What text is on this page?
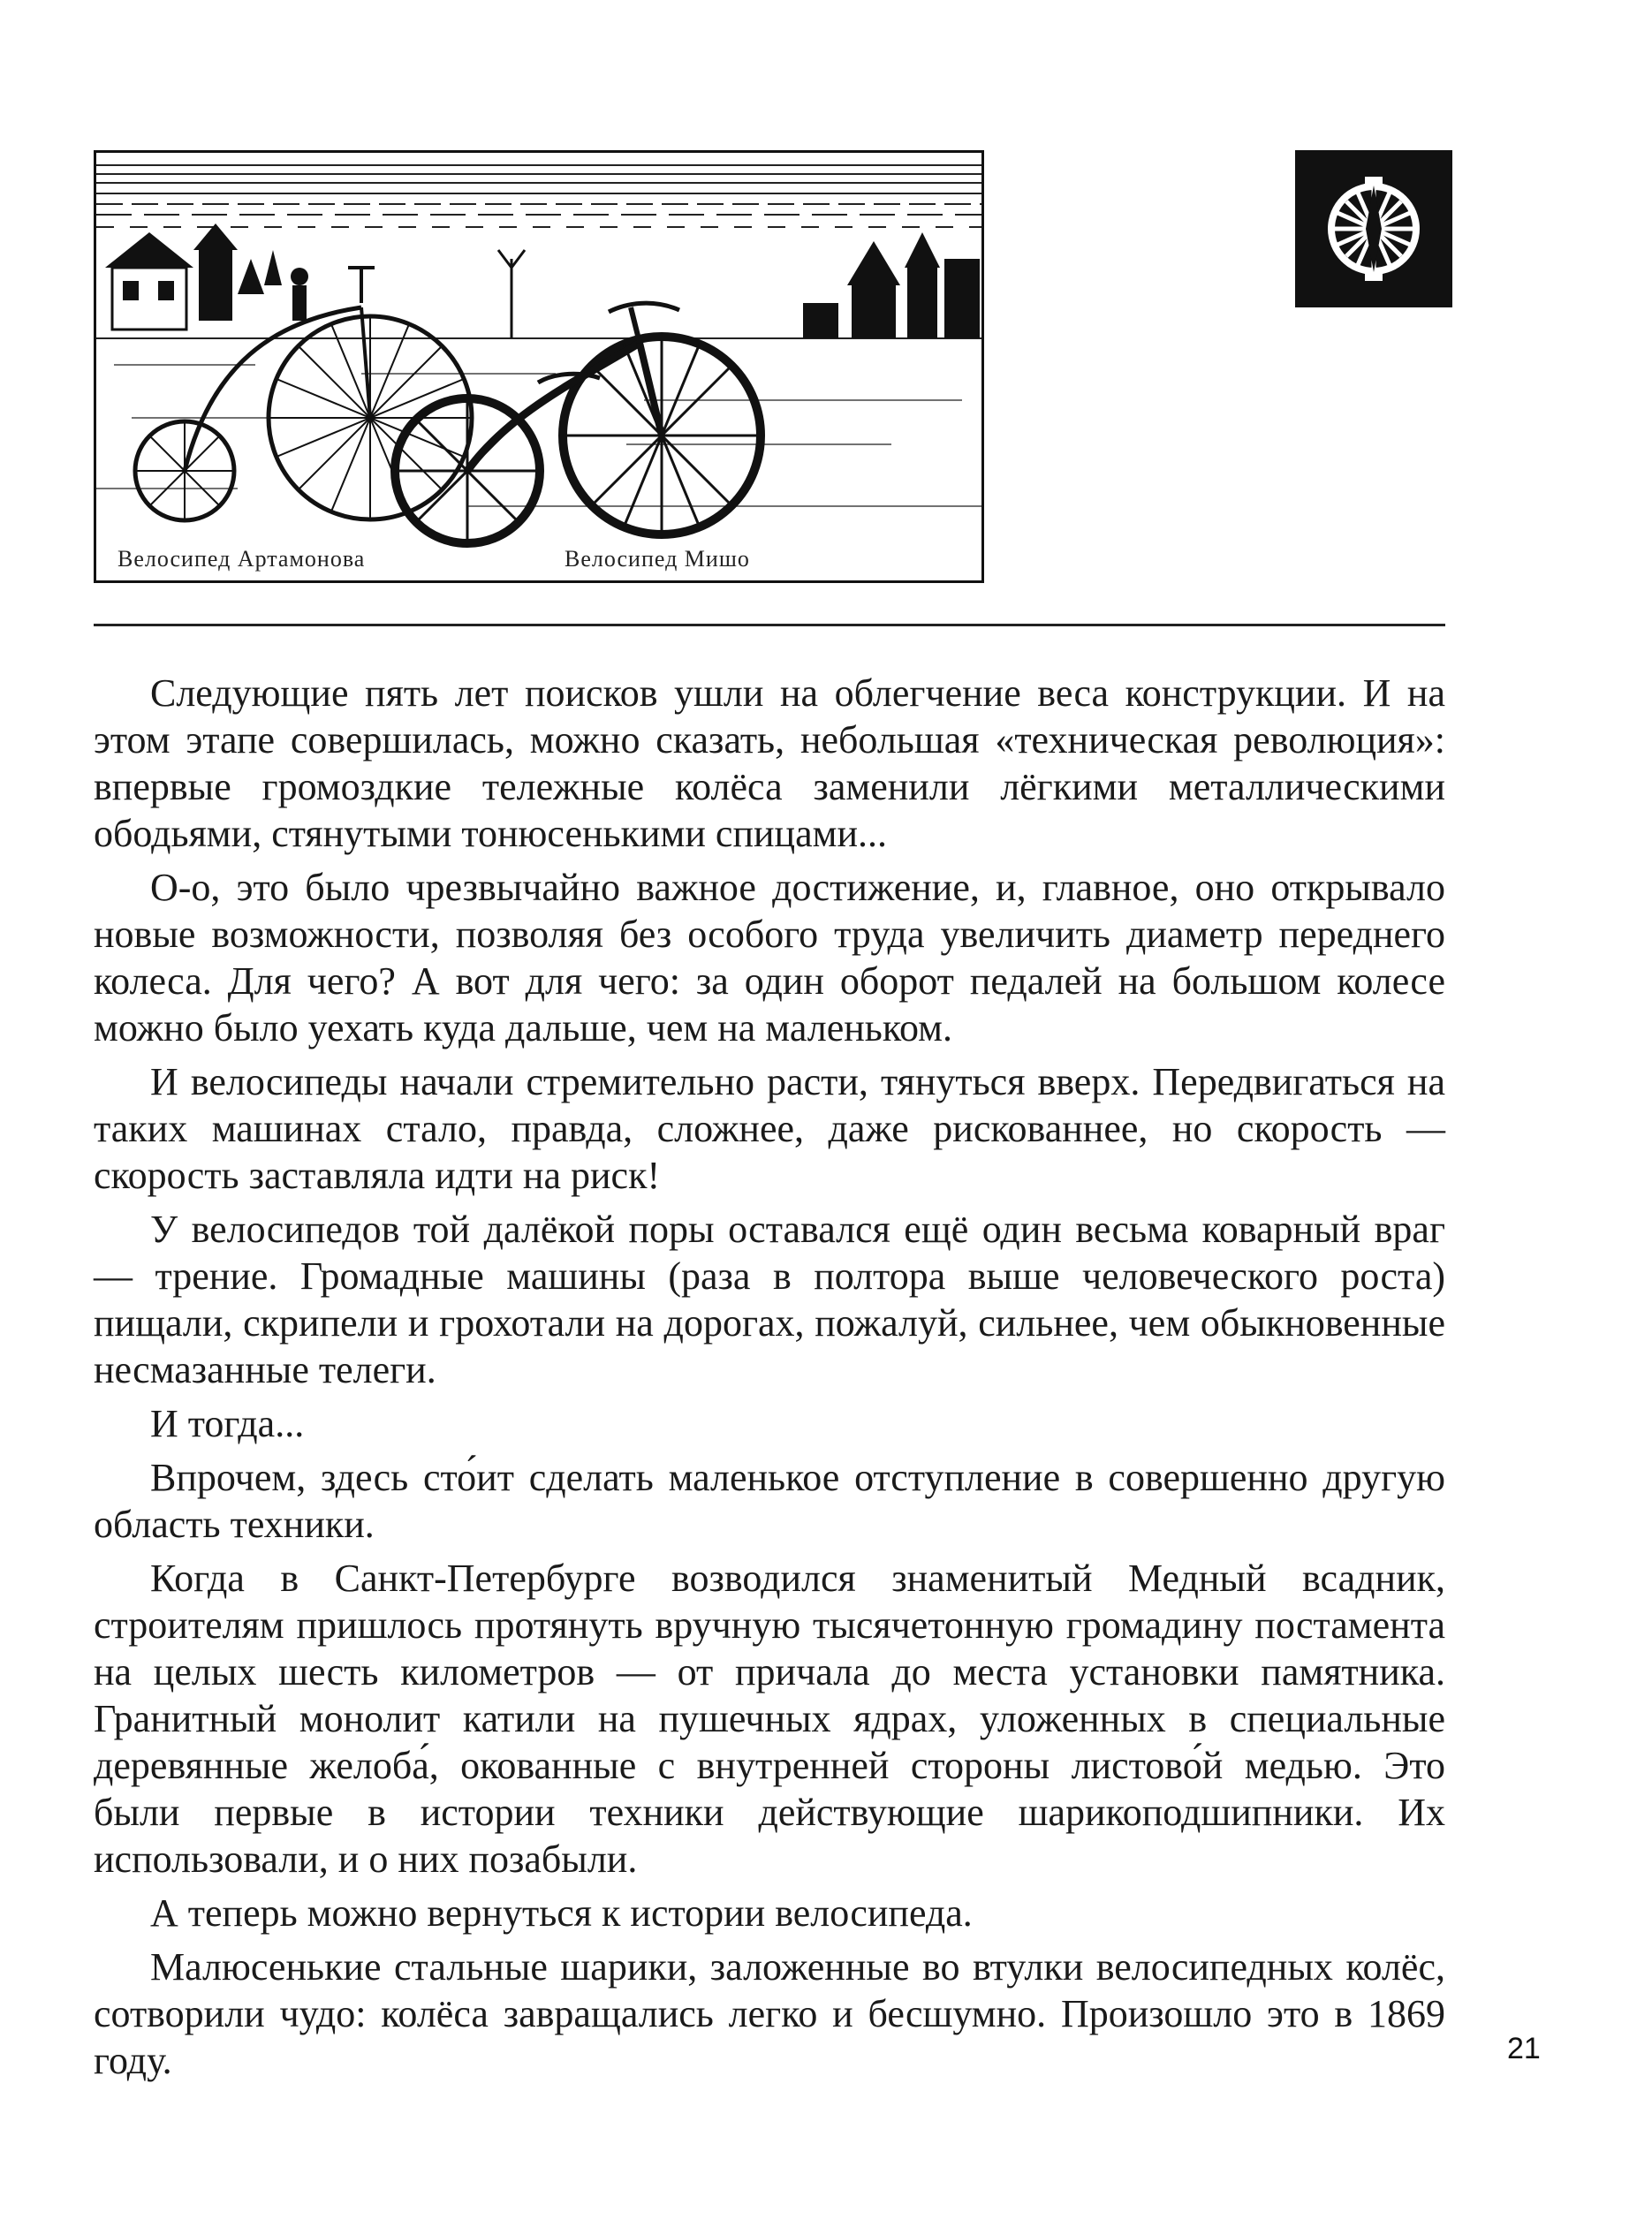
Велосипед Артамонова	Велосипед Мишо

Следующие пять лет поисков ушли на облегчение веса конструкции. И на этом этапе совершилась, можно сказать, небольшая «техническая революция»: впервые громоздкие тележные колёса заменили лёгкими металлическими ободьями, стянутыми тонюсенькими спицами...

О-о, это было чрезвычайно важное достижение, и, главное, оно открывало новые возможности, позволяя без особого труда увеличить диаметр переднего колеса. Для чего? А вот для чего: за один оборот педалей на большом колесе можно было уехать куда дальше, чем на маленьком.

И велосипеды начали стремительно расти, тянуться вверх. Передвигаться на таких машинах стало, правда, сложнее, даже рискованнее, но скорость — скорость заставляла идти на риск!

У велосипедов той далёкой поры оставался ещё один весьма коварный враг — трение. Громадные машины (раза в полтора выше человеческого роста) пищали, скрипели и грохотали на дорогах, пожалуй, сильнее, чем обыкновенные несмазанные телеги.

И тогда...

Впрочем, здесь сто́ит сделать маленькое отступление в совершенно другую область техники.

Когда в Санкт-Петербурге возводился знаменитый Медный всадник, строителям пришлось протянуть вручную тысячетонную громадину постамента на целых шесть километров — от причала до места установки памятника. Гранитный монолит катили на пушечных ядрах, уложенных в специальные деревянные желоба́, окованные с внутренней стороны листово́й медью. Это были первые в истории техники действующие шарикоподшипники. Их использовали, и о них позабыли.

А теперь можно вернуться к истории велосипеда.

Малюсенькие стальные шарики, заложенные во втулки велосипедных колёс, сотворили чудо: колёса завращались легко и бесшумно. Произошло это в 1869 году.	21
